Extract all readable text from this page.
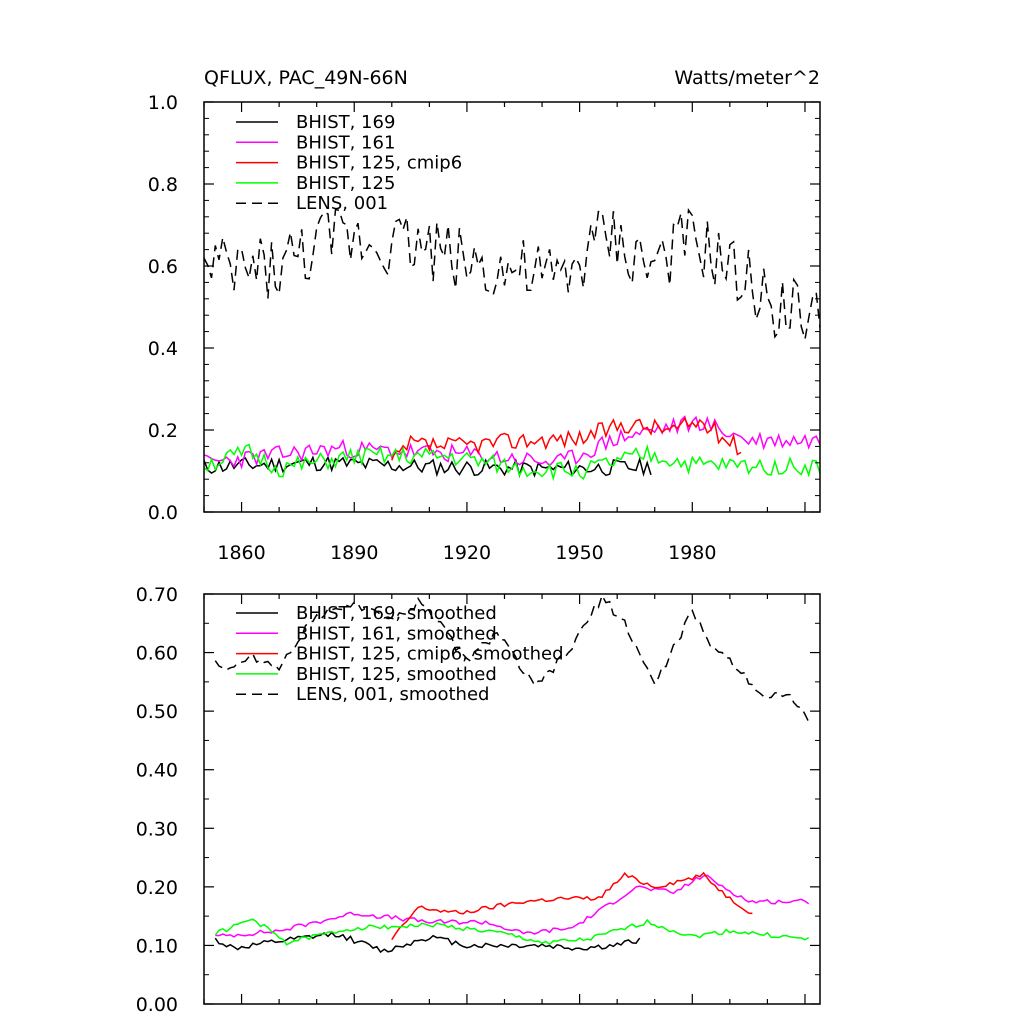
QFLUX, PAC_49N-66N	Watts/meter^2
1860	1890	1920	1950	1980
0.0
0.2
0.4
0.6
0.8
1.0
BHIST, 169
BHIST, 161
BHIST, 125, cmip6
BHIST, 125
LENS, 001
0.00
0.10
0.20
0.30
0.40
0.50
0.60
0.70
BHIST, 169, smoothed
BHIST, 161, smoothed
BHIST, 125, cmip6, smoothed
BHIST, 125, smoothed
LENS, 001, smoothed
